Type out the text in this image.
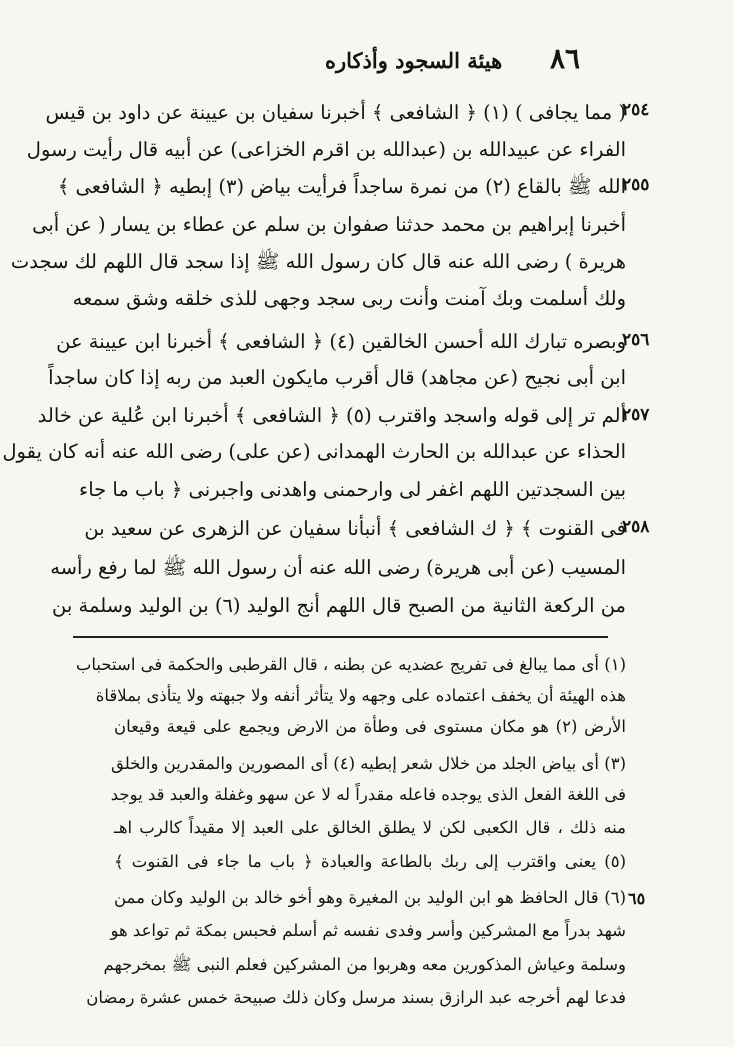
٨٦
هيئة السجود وأذكاره
٢٥٤
٢٥٥
٢٥٦
٢٥٧
٢٥٨
( مما يجافى ) (١) ﴿ الشافعى ﴾ أخبرنا سفيان بن عيينة عن داود بن قيس
الفراء عن عبيدالله بن (عبدالله بن اقرم الخزاعى) عن أبيه قال رأيت رسول
الله ﷺ بالقاع (٢) من نمرة ساجداً فرأيت بياض (٣) إبطيه ﴿ الشافعى ﴾
أخبرنا إبراهيم بن محمد حدثنا صفوان بن سلم عن عطاء بن يسار ( عن أبى
هريرة ) رضى الله عنه قال كان رسول الله ﷺ إذا سجد قال اللهم لك سجدت
ولك أسلمت وبك آمنت وأنت ربى سجد وجهى للذى خلقه وشق سمعه
وبصره تبارك الله أحسن الخالقين (٤) ﴿ الشافعى ﴾ أخبرنا ابن عيينة عن
ابن أبى نجيح (عن مجاهد) قال أقرب مايكون العبد من ربه إذا كان ساجداً
ألم تر إلى قوله واسجد واقترب (٥) ﴿ الشافعى ﴾ أخبرنا ابن عُلية عن خالد
الحذاء عن عبدالله بن الحارث الهمدانى (عن على) رضى الله عنه أنه كان يقول
بين السجدتين اللهم اغفر لى وارحمنى واهدنى واجبرنى ﴿ باب ما جاء
فى القنوت ﴾ ﴿ ك الشافعى ﴾ أنبأنا سفيان عن الزهرى عن سعيد بن
المسيب (عن أبى هريرة) رضى الله عنه أن رسول الله ﷺ لما رفع رأسه
من الركعة الثانية من الصبح قال اللهم أنج الوليد (٦) بن الوليد وسلمة بن
(١) أى مما يبالغ فى تفريج عضديه عن بطنه ، قال القرطبى والحكمة فى استحباب
هذه الهيئة أن يخفف اعتماده على وجهه ولا يتأثر أنفه ولا جبهته ولا يتأذى بملاقاة
الأرض (٢) هو مكان مستوى فى وطأة من الارض ويجمع على قيعة وقيعان
(٣) أى بياض الجلد من خلال شعر إبطيه (٤) أى المصورين والمقدرين والخلق
فى اللغة الفعل الذى يوجده فاعله مقدراً له لا عن سهو وغفلة والعبد قد يوجد
منه ذلك ، قال الكعبى لكن لا يطلق الخالق على العبد إلا مقيداً كالرب اهـ
(٥) يعنى واقترب إلى ربك بالطاعة والعبادة ﴿ باب ما جاء فى القنوت ﴾
٦٥
(٦) قال الحافظ هو ابن الوليد بن المغيرة وهو أخو خالد بن الوليد وكان ممن
شهد بدراً مع المشركين وأسر وفدى نفسه ثم أسلم فحبس بمكة ثم تواعد هو
وسلمة وعياش المذكورين معه وهربوا من المشركين فعلم النبى ﷺ بمخرجهم
فدعا لهم أخرجه عبد الرازق بسند مرسل وكان ذلك صبيحة خمس عشرة رمضان
